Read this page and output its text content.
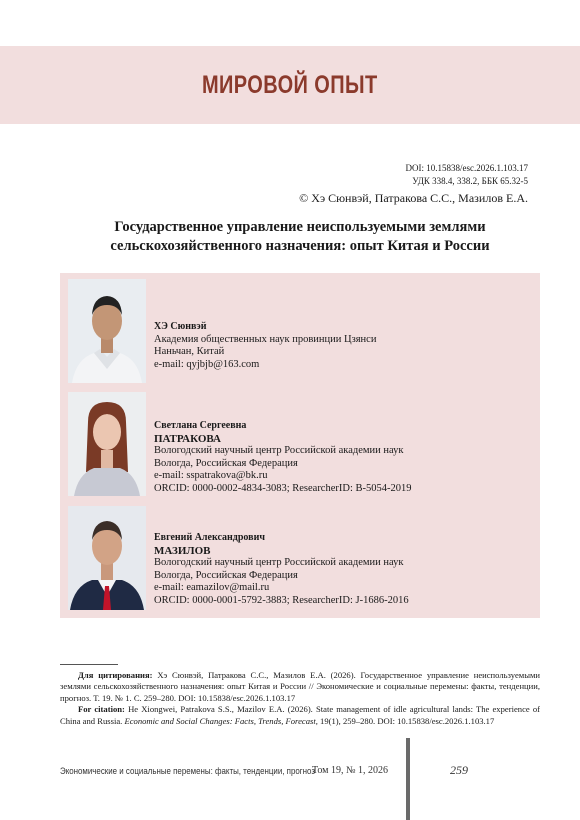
МИРОВОЙ ОПЫТ
DOI: 10.15838/esc.2026.1.103.17
УДК 338.4, 338.2, ББК 65.32-5
© Хэ Сюнвэй, Патракова С.С., Мазилов Е.А.
Государственное управление неиспользуемыми землями
сельскохозяйственного назначения: опыт Китая и России
ХЭ Сюнвэй
Академия общественных наук провинции Цзянси
Наньчан, Китай
e-mail: qyjbjb@163.com
Светлана Сергеевна
ПАТРАКОВА
Вологодский научный центр Российской академии наук
Вологда, Российская Федерация
e-mail: sspatrakova@bk.ru
ORCID: 0000-0002-4834-3083; ResearcherID: B-5054-2019
Евгений Александрович
МАЗИЛОВ
Вологодский научный центр Российской академии наук
Вологда, Российская Федерация
e-mail: eamazilov@mail.ru
ORCID: 0000-0001-5792-3883; ResearcherID: J-1686-2016

Для цитирования: Хэ Сюнвэй, Патракова С.С., Мазилов Е.А. (2026). Государственное управление неиспользуемыми землями сельскохозяйственного назначения: опыт Китая и России // Экономические и социальные перемены: факты, тенденции, прогноз. Т. 19. № 1. С. 259–280. DOI: 10.15838/esc.2026.1.103.17

For citation: He Xiongwei, Patrakova S.S., Mazilov E.A. (2026). State management of idle agricultural lands: The experience of China and Russia. Economic and Social Changes: Facts, Trends, Forecast, 19(1), 259–280. DOI: 10.15838/esc.2026.1.103.17

Экономические и социальные перемены: факты, тенденции, прогноз
Том 19, № 1, 2026	259
